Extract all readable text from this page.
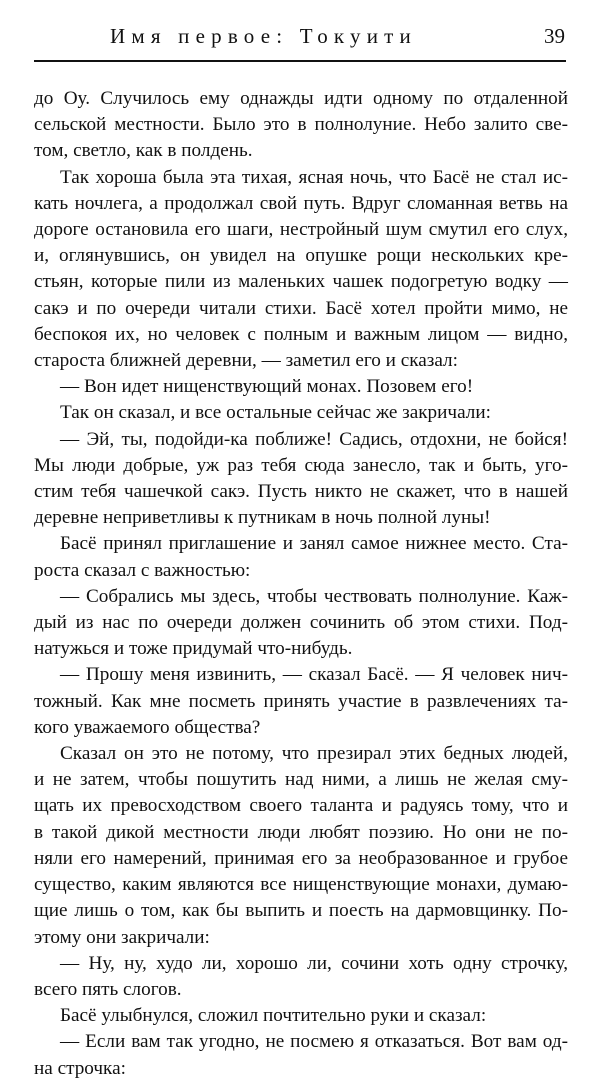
Имя первое: Токуити	39
до Оу. Случилось ему однажды идти одному по отдаленной
сельской местности. Было это в полнолуние. Небо залито све-
том, светло, как в полдень.
Так хороша была эта тихая, ясная ночь, что Басё не стал ис-
кать ночлега, а продолжал свой путь. Вдруг сломанная ветвь на
дороге остановила его шаги, нестройный шум смутил его слух,
и, оглянувшись, он увидел на опушке рощи нескольких кре-
стьян, которые пили из маленьких чашек подогретую водку —
сакэ и по очереди читали стихи. Басё хотел пройти мимо, не
беспокоя их, но человек с полным и важным лицом — видно,
староста ближней деревни, — заметил его и сказал:
— Вон идет нищенствующий монах. Позовем его!
Так он сказал, и все остальные сейчас же закричали:
— Эй, ты, подойди-ка поближе! Садись, отдохни, не бойся!
Мы люди добрые, уж раз тебя сюда занесло, так и быть, уго-
стим тебя чашечкой сакэ. Пусть никто не скажет, что в нашей
деревне неприветливы к путникам в ночь полной луны!
Басё принял приглашение и занял самое нижнее место. Ста-
роста сказал с важностью:
— Собрались мы здесь, чтобы чествовать полнолуние. Каж-
дый из нас по очереди должен сочинить об этом стихи. Под-
натужься и тоже придумай что-нибудь.
— Прошу меня извинить, — сказал Басё. — Я человек нич-
тожный. Как мне посметь принять участие в развлечениях та-
кого уважаемого общества?
Сказал он это не потому, что презирал этих бедных людей,
и не затем, чтобы пошутить над ними, а лишь не желая сму-
щать их превосходством своего таланта и радуясь тому, что и
в такой дикой местности люди любят поэзию. Но они не по-
няли его намерений, принимая его за необразованное и грубое
существо, каким являются все нищенствующие монахи, думаю-
щие лишь о том, как бы выпить и поесть на дармовщинку. По-
этому они закричали:
— Ну, ну, худо ли, хорошо ли, сочини хоть одну строчку,
всего пять слогов.
Басё улыбнулся, сложил почтительно руки и сказал:
— Если вам так угодно, не посмею я отказаться. Вот вам од-
на строчка:
